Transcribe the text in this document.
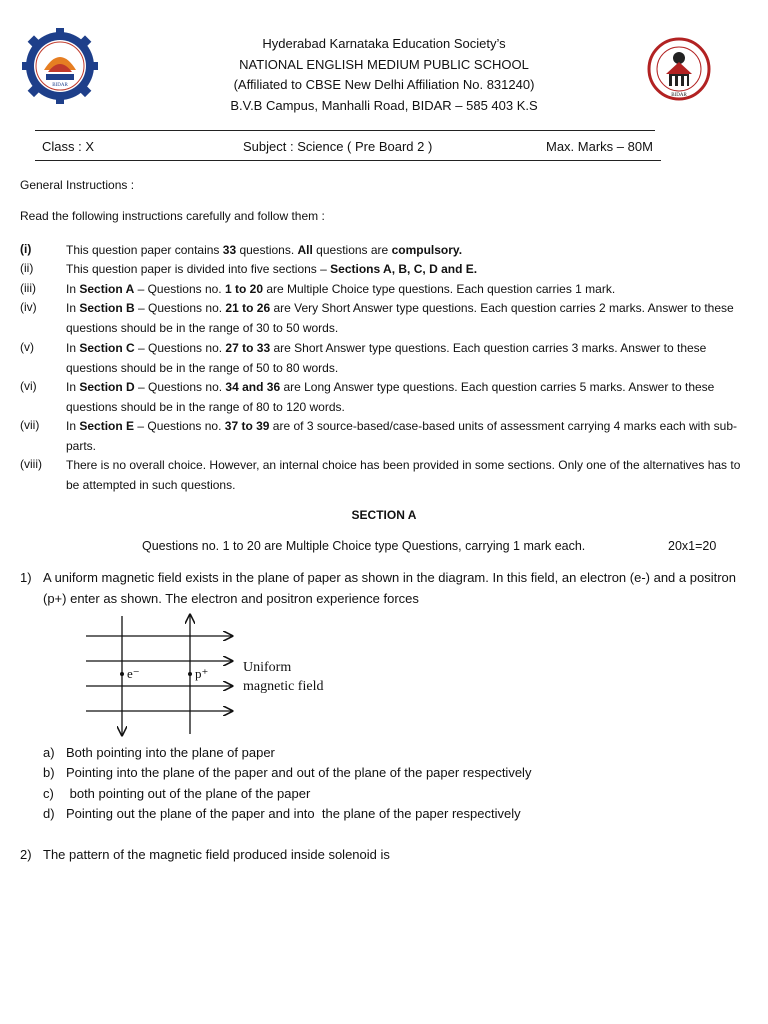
BIDAR
BIDAR
Hyderabad Karnataka Education Society’s
NATIONAL ENGLISH MEDIUM PUBLIC SCHOOL
(Affiliated to CBSE New Delhi Affiliation No. 831240)
B.V.B Campus, Manhalli Road, BIDAR – 585 403 K.S
Class : X	Subject : Science ( Pre Board 2 )	Max. Marks – 80M
General Instructions :
Read the following instructions carefully and follow them :
(i)	This question paper contains 33 questions. All questions are compulsory.
(ii)	This question paper is divided into five sections – Sections A, B, C, D and E.
(iii)	In Section A – Questions no. 1 to 20 are Multiple Choice type questions. Each question carries 1 mark.
(iv) In Section B – Questions no. 21 to 26 are Very Short Answer type questions. Each question carries 2 marks. Answer to these questions should be in the range of 30 to 50 words.
(v)	In Section C – Questions no. 27 to 33 are Short Answer type questions. Each question carries 3 marks. Answer to these questions should be in the range of 50 to 80 words.
(vi) In Section D – Questions no. 34 and 36 are Long Answer type questions. Each question carries 5 marks. Answer to these questions should be in the range of 80 to 120 words.
(vii) In Section E – Questions no. 37 to 39 are of 3 source-based/case-based units of assessment carrying 4 marks each with sub-parts.
(viii) There is no overall choice. However, an internal choice has been provided in some sections. Only one of the alternatives has to be attempted in such questions.
SECTION A
Questions no. 1 to 20 are Multiple Choice type Questions, carrying 1 mark each.	20x1=20
1) A uniform magnetic field exists in the plane of paper as shown in the diagram. In this field, an electron (e-) and a positron (p+) enter as shown. The electron and positron experience forces
e⁻	p⁺ Uniform
magnetic field
a) Both pointing into the plane of paper
b) Pointing into the plane of the paper and out of the plane of the paper respectively
c) both pointing out of the plane of the paper
d) Pointing out the plane of the paper and into  the plane of the paper respectively
2) The pattern of the magnetic field produced inside solenoid is
